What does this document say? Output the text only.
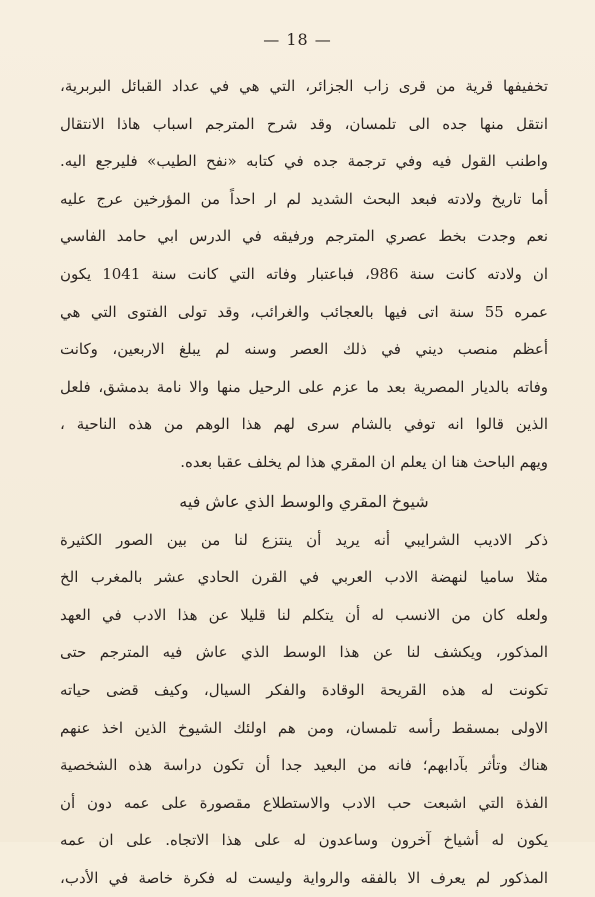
— 18 —
تخفيفها قرية من قرى زاب الجزائر، التي هي في عداد القبائل البربرية،
انتقل منها جده الى تلمسان، وقد شرح المترجم اسباب هاذا الانتقال
واطنب القول فيه وفي ترجمة جده في كتابه «نفح الطيب» فليرجع اليه.
أما تاريخ ولادته فبعد البحث الشديد لم ار احداً من المؤرخين عرج عليه
نعم وجدت بخط عصري المترجم ورفيقه في الدرس ابي حامد الفاسي
ان ولادته كانت سنة 986، فباعتبار وفاته التي كانت سنة 1041 يكون
عمره 55 سنة اتى فيها بالعجائب والغرائب، وقد تولى الفتوى التي هي
أعظم منصب ديني في ذلك العصر وسنه لم يبلغ الاربعين، وكانت
وفاته بالديار المصرية بعد ما عزم على الرحيل منها والا نامة بدمشق، فلعل
الذين قالوا انه توفي بالشام سرى لهم هذا الوهم من هذه الناحية ،
ويهم الباحث هنا ان يعلم ان المقري هذا لم يخلف عقبا بعده.
شيوخ المقري والوسط الذي عاش فيه
ذكر الاديب الشرايبي أنه يريد أن ينتزع لنا من بين الصور الكثيرة
مثلا ساميا لنهضة الادب العربي في القرن الحادي عشر بالمغرب الخ
ولعله كان من الانسب له أن يتكلم لنا قليلا عن هذا الادب في العهد
المذكور، ويكشف لنا عن هذا الوسط الذي عاش فيه المترجم حتى
تكونت له هذه القريحة الوقادة والفكر السيال، وكيف قضى حياته
الاولى بمسقط رأسه تلمسان، ومن هم اولئك الشيوخ الذين اخذ عنهم
هناك وتأثر بآدابهم؛ فانه من البعيد جدا أن تكون دراسة هذه الشخصية
الفذة التي اشبعت حب الادب والاستطلاع مقصورة على عمه دون أن
يكون له أشياخ آخرون وساعدون له على هذا الاتجاه. على ان عمه
المذكور لم يعرف الا بالفقه والرواية وليست له فكرة خاصة في الأدب،
